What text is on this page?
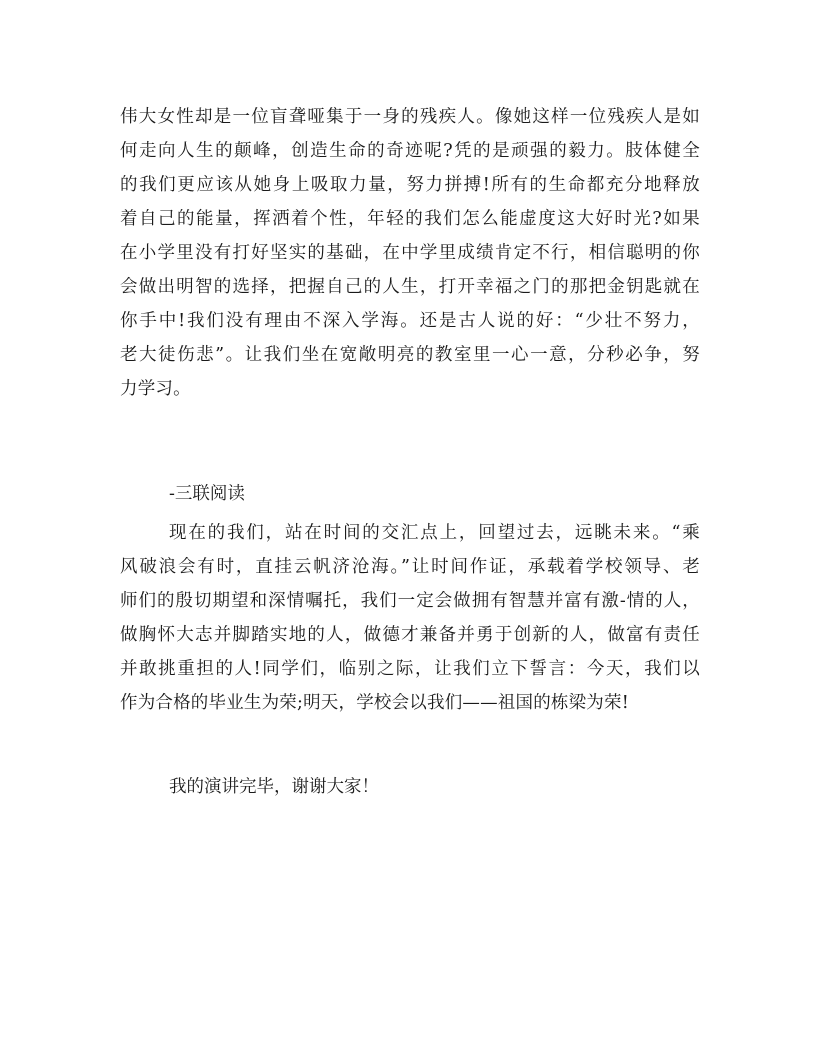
伟大女性却是一位盲聋哑集于一身的残疾人。像她这样一位残疾人是如
何走向人生的颠峰，创造生命的奇迹呢?凭的是顽强的毅力。肢体健全
的我们更应该从她身上吸取力量，努力拼搏!所有的生命都充分地释放
着自己的能量，挥洒着个性，年轻的我们怎么能虚度这大好时光?如果
在小学里没有打好坚实的基础，在中学里成绩肯定不行，相信聪明的你
会做出明智的选择，把握自己的人生，打开幸福之门的那把金钥匙就在
你手中!我们没有理由不深入学海。还是古人说的好：“少壮不努力，
老大徒伤悲”。让我们坐在宽敞明亮的教室里一心一意，分秒必争，努
力学习。
-三联阅读
现在的我们，站在时间的交汇点上，回望过去，远眺未来。“乘
风破浪会有时，直挂云帆济沧海。”让时间作证，承载着学校领导、老
师们的殷切期望和深情嘱托，我们一定会做拥有智慧并富有激-情的人，
做胸怀大志并脚踏实地的人，做德才兼备并勇于创新的人，做富有责任
并敢挑重担的人!同学们，临别之际，让我们立下誓言：今天，我们以
作为合格的毕业生为荣;明天，学校会以我们——祖国的栋梁为荣!
我的演讲完毕，谢谢大家！
